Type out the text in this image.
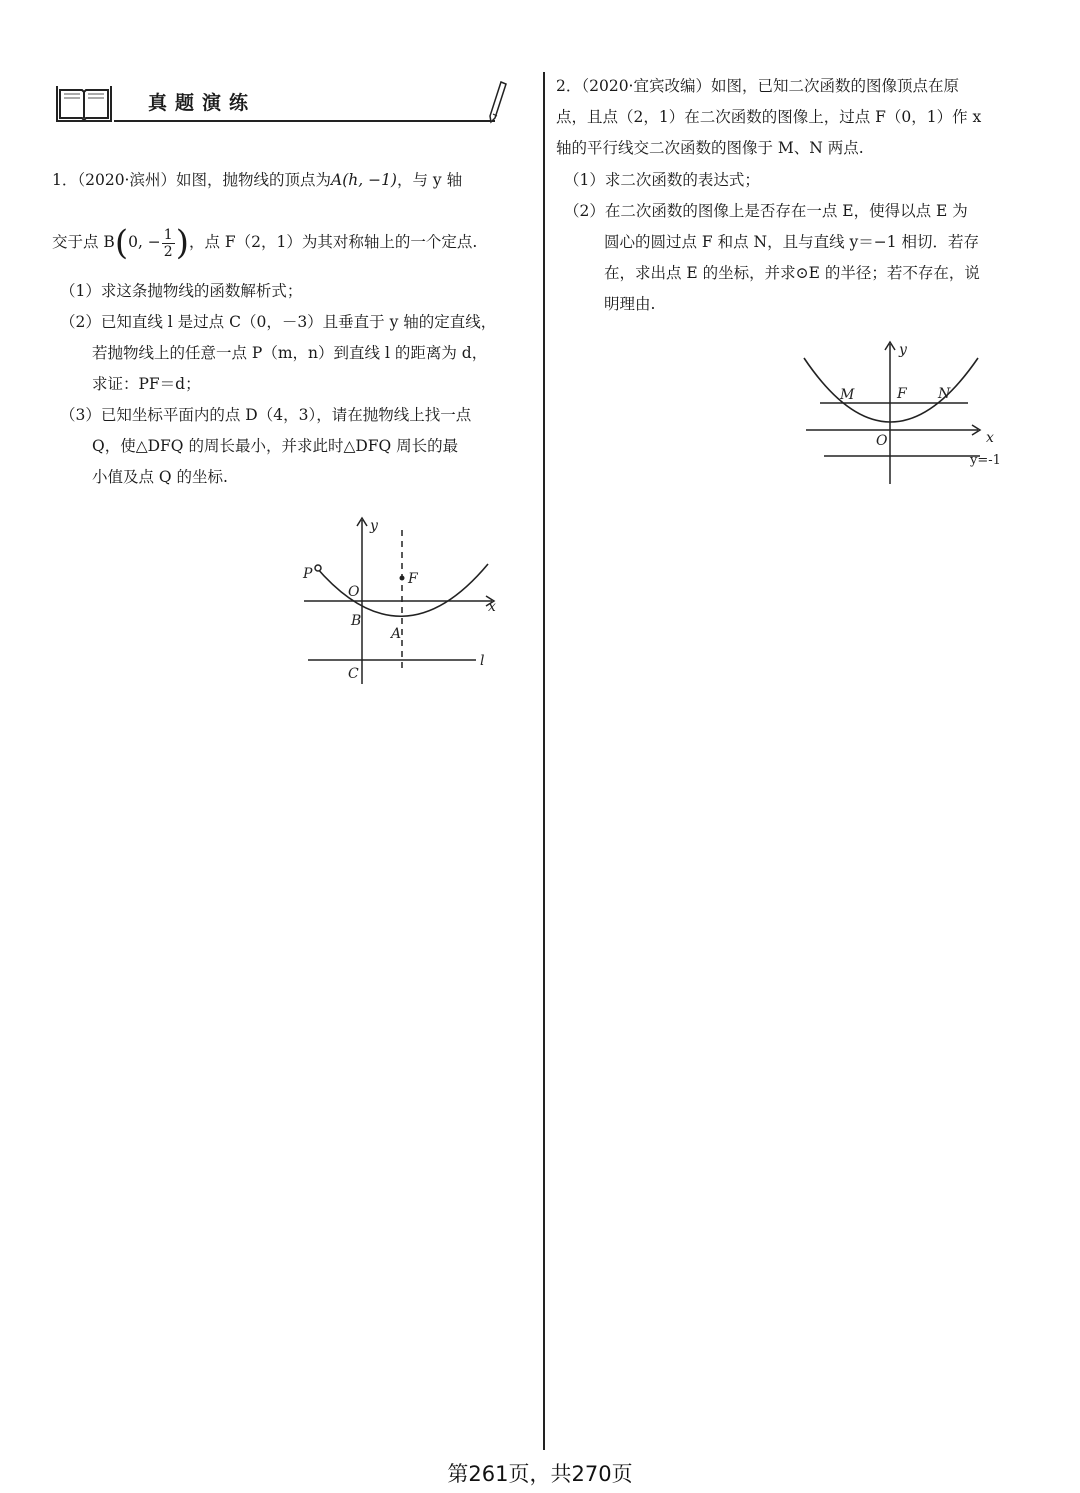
真题演练
1．（2020·滨州）如图，抛物线的顶点为A(h, −1)，与 y 轴
交于点 B(0, − $\frac{1}{2}$ )，点 F（2，1）为其对称轴上的一个定点.
（1）求这条抛物线的函数解析式；
（2）已知直线 l 是过点 C（0，－3）且垂直于 y 轴的定直线，
若抛物线上的任意一点 P（m，n）到直线 l 的距离为 d，
求证：PF＝d；
（3）已知坐标平面内的点 D（4，3），请在抛物线上找一点
Q，使△DFQ 的周长最小，并求此时△DFQ 周长的最
小值及点 Q 的坐标.
y
x
P
O
F
B
A
C
l
2．（2020·宜宾改编）如图，已知二次函数的图像顶点在原
点，且点（2，1）在二次函数的图像上，过点 F（0，1）作 x
轴的平行线交二次函数的图像于 M、N 两点.
（1）求二次函数的表达式；
（2）在二次函数的图像上是否存在一点 E，使得以点 E 为
圆心的圆过点 F 和点 N，且与直线 y＝−1 相切．若存
在，求出点 E 的坐标，并求⊙E 的半径；若不存在，说
明理由.
y
x
M	F N
O
y=-1
第261页，共270页
